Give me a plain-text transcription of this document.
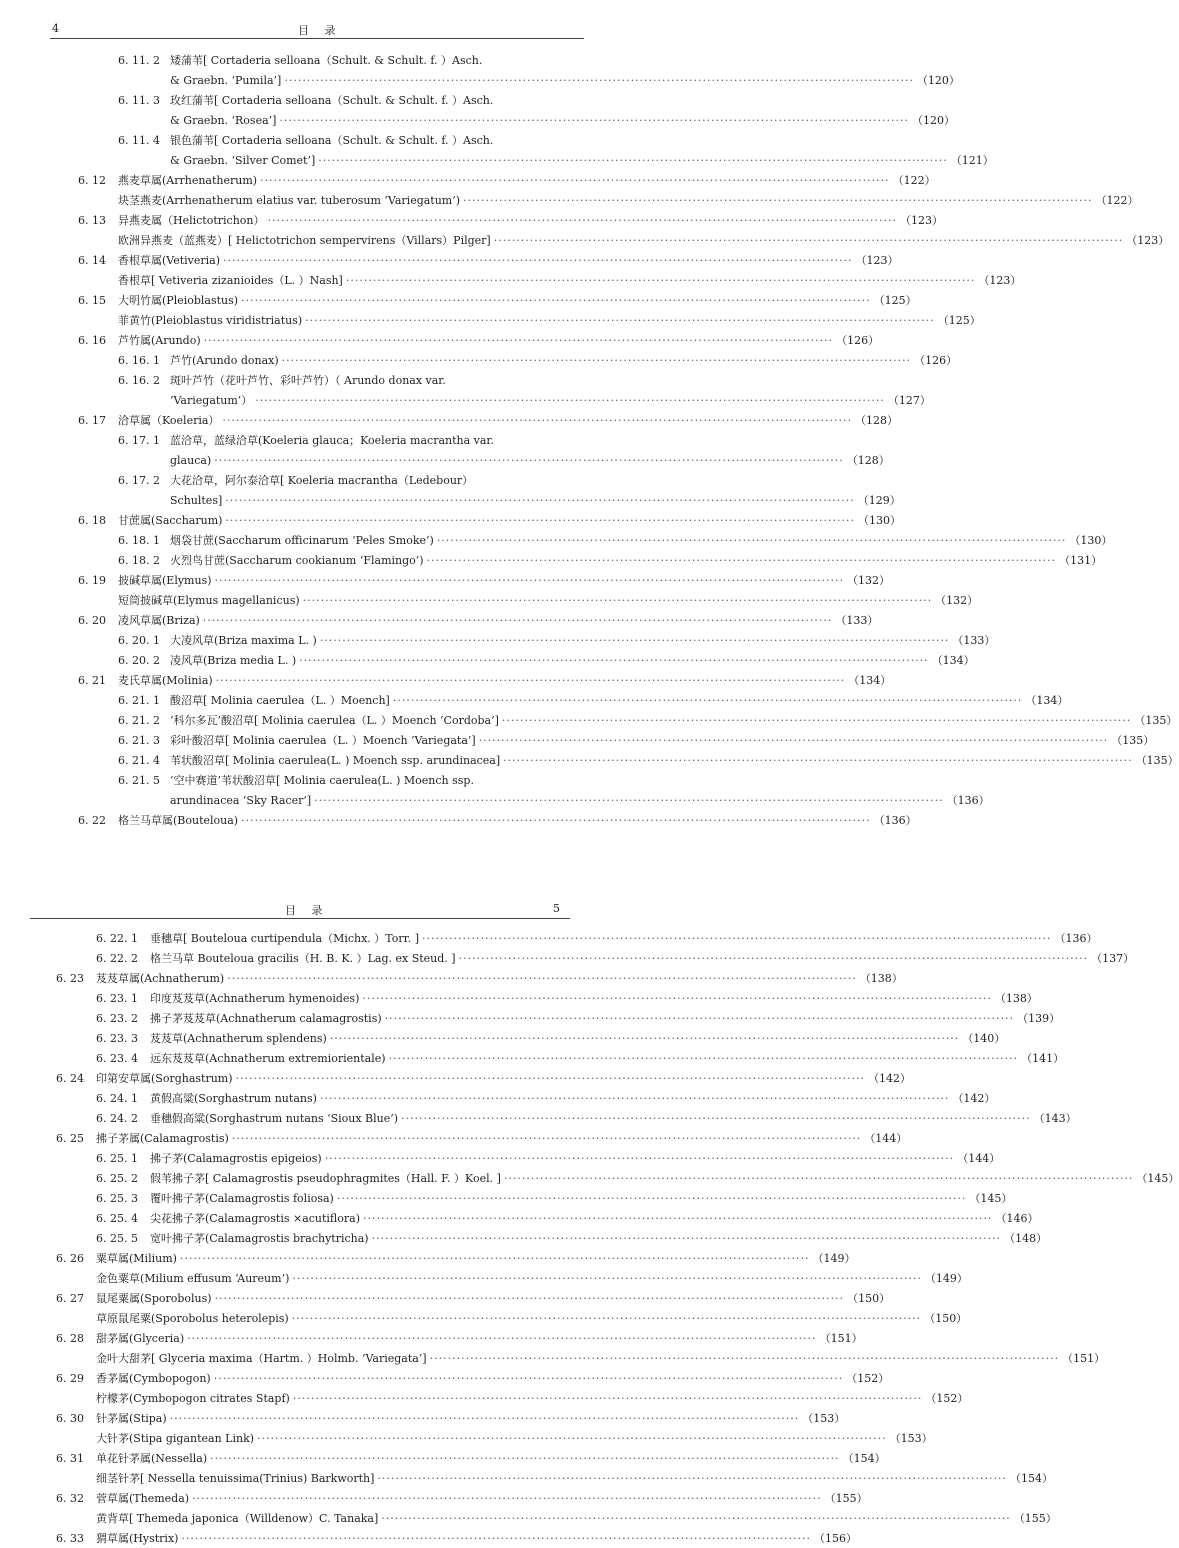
4	目 录
6. 11. 2 矮蒲苇[ Cortaderia selloana（Schult. & Schult. f. ）Asch.
& Graebn. ‘Pumila’] ············································································································································ （120）
6. 11. 3 玫红蒲苇[ Cortaderia selloana（Schult. & Schult. f. ）Asch.
& Graebn. ‘Rosea’] ············································································································································ （120）
6. 11. 4 银色蒲苇[ Cortaderia selloana（Schult. & Schult. f. ）Asch.
& Graebn. ‘Silver Comet’] ············································································································································ （121）
6. 12	燕麦草属(Arrhenatherum) ············································································································································ （122）
块茎燕麦(Arrhenatherum elatius var. tuberosum ‘Variegatum’) ············································································································································ （122）
6. 13	异燕麦属（Helictotrichon） ············································································································································ （123）
欧洲异燕麦（蓝燕麦）[ Helictotrichon sempervirens（Villars）Pilger] ············································································································································ （123）
6. 14	香根草属(Vetiveria) ············································································································································ （123）
香根草[ Vetiveria zizanioides（L. ）Nash] ············································································································································ （123）
6. 15	大明竹属(Pleioblastus) ············································································································································ （125）
菲黄竹(Pleioblastus viridistriatus) ············································································································································ （125）
6. 16	芦竹属(Arundo) ············································································································································ （126）
6. 16. 1 芦竹(Arundo donax) ············································································································································ （126）
6. 16. 2 斑叶芦竹（花叶芦竹、彩叶芦竹）（ Arundo donax var.
‘Variegatum’） ············································································································································ （127）
6. 17	洽草属（Koeleria） ············································································································································ （128）
6. 17. 1 蓝洽草，蓝绿洽草(Koeleria glauca；Koeleria macrantha var.
glauca) ············································································································································ （128）
6. 17. 2 大花洽草，阿尔泰洽草[ Koeleria macrantha（Ledebour）
Schultes] ············································································································································ （129）
6. 18	甘蔗属(Saccharum) ············································································································································ （130）
6. 18. 1 烟袋甘蔗(Saccharum officinarum ‘Peles Smoke’) ············································································································································ （130）
6. 18. 2 火烈鸟甘蔗(Saccharum cookianum ‘Flamingo’) ············································································································································ （131）
6. 19	披碱草属(Elymus) ············································································································································ （132）
短筒披碱草(Elymus magellanicus) ············································································································································ （132）
6. 20	凌风草属(Briza) ············································································································································ （133）
6. 20. 1 大凌风草(Briza maxima L. ) ············································································································································ （133）
6. 20. 2 凌风草(Briza media L. ) ············································································································································ （134）
6. 21	麦氏草属(Molinia) ············································································································································ （134）
6. 21. 1 酸沼草[ Molinia caerulea（L. ）Moench] ············································································································································ （134）
6. 21. 2 ‘科尔多瓦’酸沼草[ Molinia caerulea（L. ）Moench ‘Cordoba’] ············································································································································ （135）
6. 21. 3 彩叶酸沼草[ Molinia caerulea（L. ）Moench ‘Variegata’] ············································································································································ （135）
6. 21. 4 苇状酸沼草[ Molinia caerulea(L. ) Moench ssp. arundinacea] ············································································································································ （135）
6. 21. 5 ‘空中赛道’苇状酸沼草[ Molinia caerulea(L. ) Moench ssp.
arundinacea ‘Sky Racer’] ············································································································································ （136）
6. 22	格兰马草属(Bouteloua) ············································································································································ （136）
目 录	5
6. 22. 1	垂穗草[ Bouteloua curtipendula（Michx. ）Torr. ] ············································································································································ （136）
6. 22. 2	格兰马草 Bouteloua gracilis（H. B. K. ）Lag. ex Steud. ] ············································································································································ （137）
6. 23	芨芨草属(Achnatherum) ············································································································································ （138）
6. 23. 1	印度芨芨草(Achnatherum hymenoides) ············································································································································ （138）
6. 23. 2	拂子茅芨芨草(Achnatherum calamagrostis) ············································································································································ （139）
6. 23. 3	芨芨草(Achnatherum splendens) ············································································································································ （140）
6. 23. 4	远东芨芨草(Achnatherum extremiorientale) ············································································································································ （141）
6. 24	印第安草属(Sorghastrum) ············································································································································ （142）
6. 24. 1	黄假高粱(Sorghastrum nutans) ············································································································································ （142）
6. 24. 2	垂穗假高粱(Sorghastrum nutans ‘Sioux Blue’) ············································································································································ （143）
6. 25	拂子茅属(Calamagrostis) ············································································································································ （144）
6. 25. 1	拂子茅(Calamagrostis epigeios) ············································································································································ （144）
6. 25. 2	假苇拂子茅[ Calamagrostis pseudophragmites（Hall. F. ）Koel. ] ············································································································································ （145）
6. 25. 3	覆叶拂子茅(Calamagrostis foliosa) ············································································································································ （145）
6. 25. 4	尖花拂子茅(Calamagrostis ×acutiflora) ············································································································································ （146）
6. 25. 5	宽叶拂子茅(Calamagrostis brachytricha) ············································································································································ （148）
6. 26	粟草属(Milium) ············································································································································ （149）
金色粟草(Milium effusum ‘Aureum’) ············································································································································ （149）
6. 27	鼠尾粟属(Sporobolus) ············································································································································ （150）
草原鼠尾粟(Sporobolus heterolepis) ············································································································································ （150）
6. 28	甜茅属(Glyceria) ············································································································································ （151）
金叶大甜茅[ Glyceria maxima（Hartm. ）Holmb. ‘Variegata’] ············································································································································ （151）
6. 29	香茅属(Cymbopogon) ············································································································································ （152）
柠檬茅(Cymbopogon citrates Stapf) ············································································································································ （152）
6. 30	针茅属(Stipa) ············································································································································ （153）
大针茅(Stipa gigantean Link) ············································································································································ （153）
6. 31	单花针茅属(Nessella) ············································································································································ （154）
细茎针茅[ Nessella tenuissima(Trinius) Barkworth] ············································································································································ （154）
6. 32	菅草属(Themeda) ············································································································································ （155）
黄背草[ Themeda japonica（Willdenow）C. Tanaka] ············································································································································ （155）
6. 33	猬草属(Hystrix) ············································································································································ （156）
